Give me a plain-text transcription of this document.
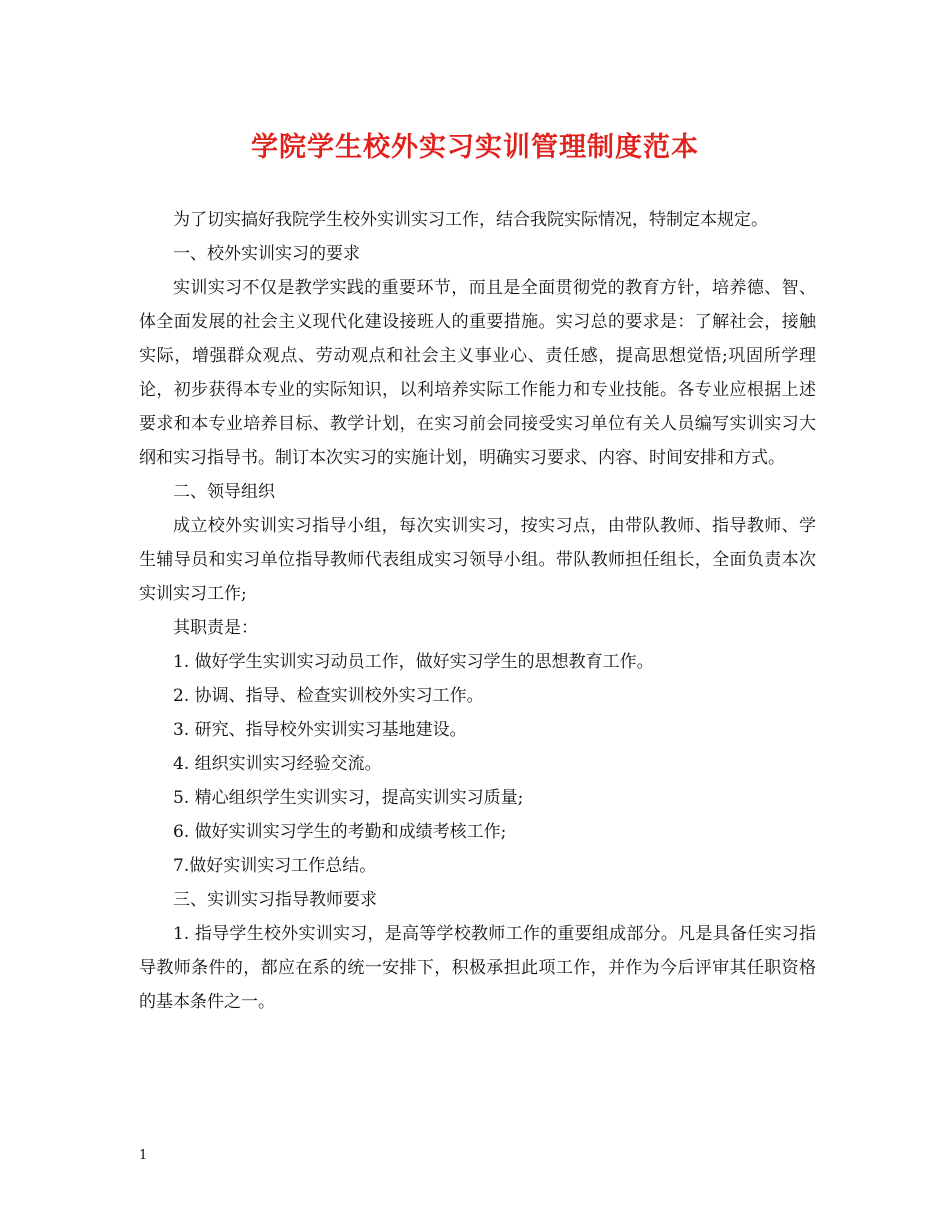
学院学生校外实习实训管理制度范本

为了切实搞好我院学生校外实训实习工作，结合我院实际情况，特制定本规定。

一、校外实训实习的要求

实训实习不仅是教学实践的重要环节，而且是全面贯彻党的教育方针，培养德、智、体全面发展的社会主义现代化建设接班人的重要措施。实习总的要求是：了解社会，接触实际，增强群众观点、劳动观点和社会主义事业心、责任感，提高思想觉悟;巩固所学理论，初步获得本专业的实际知识，以利培养实际工作能力和专业技能。各专业应根据上述要求和本专业培养目标、教学计划，在实习前会同接受实习单位有关人员编写实训实习大纲和实习指导书。制订本次实习的实施计划，明确实习要求、内容、时间安排和方式。

二、领导组织

成立校外实训实习指导小组，每次实训实习，按实习点，由带队教师、指导教师、学生辅导员和实习单位指导教师代表组成实习领导小组。带队教师担任组长，全面负责本次实训实习工作;

其职责是：

1. 做好学生实训实习动员工作，做好实习学生的思想教育工作。

2. 协调、指导、检查实训校外实习工作。

3. 研究、指导校外实训实习基地建设。

4. 组织实训实习经验交流。

5. 精心组织学生实训实习，提高实训实习质量;

6. 做好实训实习学生的考勤和成绩考核工作;

7.做好实训实习工作总结。

三、实训实习指导教师要求

1. 指导学生校外实训实习，是高等学校教师工作的重要组成部分。凡是具备任实习指导教师条件的，都应在系的统一安排下，积极承担此项工作，并作为今后评审其任职资格的基本条件之一。

1
